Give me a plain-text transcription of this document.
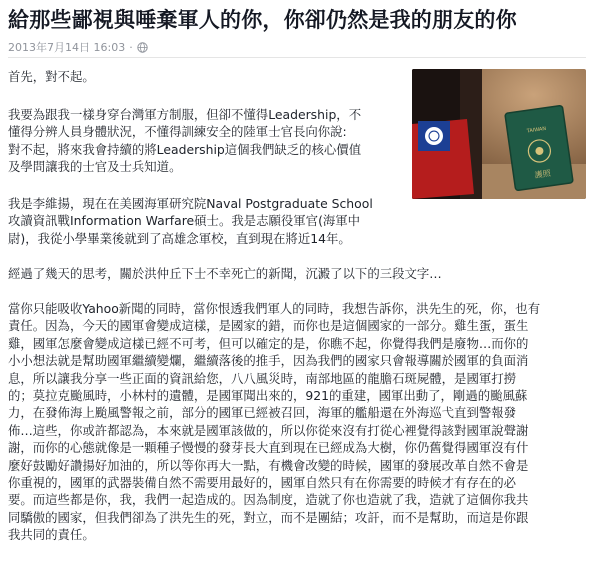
給那些鄙視與唾棄軍人的你，你卻仍然是我的朋友的你
2013年7月14日 16:03 ·
TAIWAN
護照
首先，對不起。
我要為跟我一樣身穿台灣軍方制服，但卻不懂得Leadership，不
懂得分辨人員身體狀況，不懂得訓練安全的陸軍士官長向你說:
對不起，將來我會持續的將Leadership這個我們缺乏的核心價值
及學問讓我的士官及士兵知道。
我是李維揚，現在在美國海軍研究院Naval Postgraduate School
攻讀資訊戰Information Warfare碩士。我是志願役軍官(海軍中
尉)，我從小學畢業後就到了高雄念軍校，直到現在將近14年。
經過了幾天的思考，關於洪仲丘下士不幸死亡的新聞，沉澱了以下的三段文字…
當你只能吸收Yahoo新聞的同時，當你恨透我們軍人的同時，我想告訴你，洪先生的死，你，也有
責任。因為，今天的國軍會變成這樣，是國家的錯，而你也是這個國家的一部分。雞生蛋，蛋生
雞，國軍怎麼會變成這樣已經不可考，但可以確定的是，你瞧不起，你覺得我們是廢物…而你的
小小想法就是幫助國軍繼續變爛，繼續落後的推手，因為我們的國家只會報導關於國軍的負面消
息，所以讓我分享一些正面的資訊給您，八八風災時，南部地區的龍膽石斑屍體，是國軍打撈
的；莫拉克颱風時，小林村的遺體，是國軍聞出來的，921的重建，國軍出動了，剛過的颱風蘇
力，在發佈海上颱風警報之前，部分的國軍已經被召回，海軍的艦船還在外海巡弋直到警報發
佈…這些，你或許都認為，本來就是國軍該做的，所以你從來沒有打從心裡覺得該對國軍說聲謝
謝，而你的心態就像是一顆種子慢慢的發芽長大直到現在已經成為大樹，你仍舊覺得國軍沒有什
麼好鼓勵好讚揚好加油的，所以等你再大一點，有機會改變的時候，國軍的發展改革自然不會是
你重視的，國軍的武器裝備自然不需要用最好的，國軍自然只有在你需要的時候才有存在的必
要。而這些都是你，我，我們一起造成的。因為制度，造就了你也造就了我，造就了這個你我共
同驕傲的國家，但我們卻為了洪先生的死，對立，而不是團結；攻訐，而不是幫助，而這是你跟
我共同的責任。
